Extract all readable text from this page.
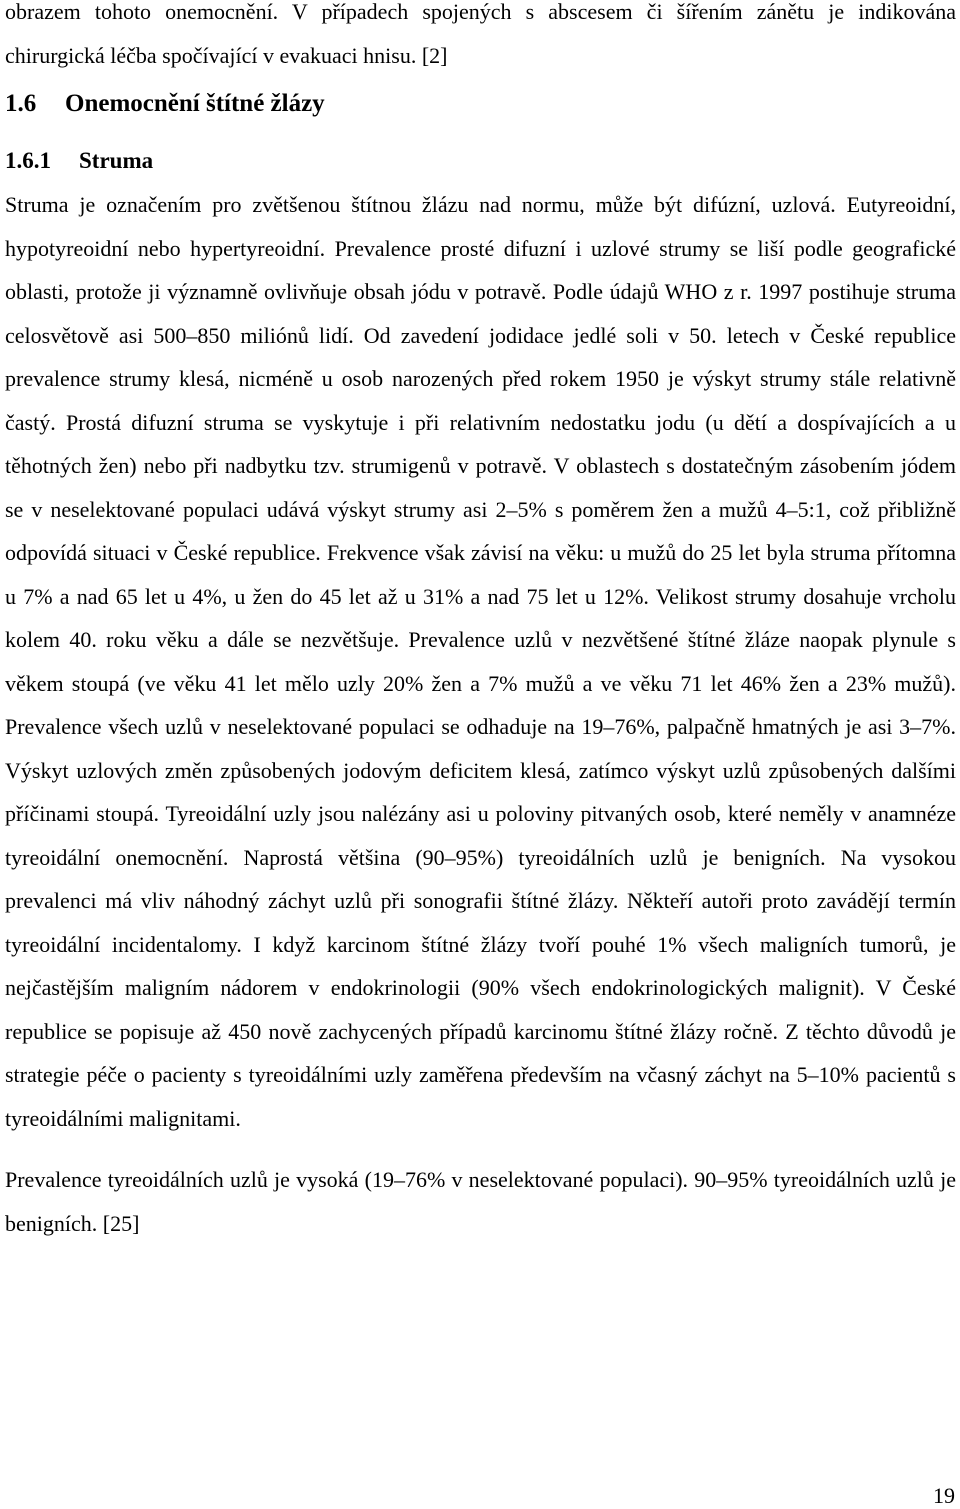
obrazem tohoto onemocnění. V případech spojených s abscesem či šířením zánětu je indikována chirurgická léčba spočívající v evakuaci hnisu. [2]

1.6 Onemocnění štítné žlázy
1.6.1 Struma

Struma je označením pro zvětšenou štítnou žlázu nad normu, může být difúzní, uzlová. Eutyreoidní, hypotyreoidní nebo hypertyreoidní. Prevalence prosté difuzní i uzlové strumy se liší podle geografické oblasti, protože ji významně ovlivňuje obsah jódu v potravě. Podle údajů WHO z r. 1997 postihuje struma celosvětově asi 500–850 miliónů lidí. Od zavedení jodidace jedlé soli v 50. letech v České republice prevalence strumy klesá, nicméně u osob narozených před rokem 1950 je výskyt strumy stále relativně častý. Prostá difuzní struma se vyskytuje i při relativním nedostatku jodu (u dětí a dospívajících a u těhotných žen) nebo při nadbytku tzv. strumigenů v potravě. V oblastech s dostatečným zásobením jódem se v neselektované populaci udává výskyt strumy asi 2–5% s poměrem žen a mužů 4–5:1, což přibližně odpovídá situaci v České republice. Frekvence však závisí na věku: u mužů do 25 let byla struma přítomna u 7% a nad 65 let u 4%, u žen do 45 let až u 31% a nad 75 let u 12%. Velikost strumy dosahuje vrcholu kolem 40. roku věku a dále se nezvětšuje. Prevalence uzlů v nezvětšené štítné žláze naopak plynule s věkem stoupá (ve věku 41 let mělo uzly 20% žen a 7% mužů a ve věku 71 let 46% žen a 23% mužů). Prevalence všech uzlů v neselektované populaci se odhaduje na 19–76%, palpačně hmatných je asi 3–7%. Výskyt uzlových změn způsobených jodovým deficitem klesá, zatímco výskyt uzlů způsobených dalšími příčinami stoupá. Tyreoidální uzly jsou nalézány asi u poloviny pitvaných osob, které neměly v anamnéze tyreoidální onemocnění. Naprostá většina (90–95%) tyreoidálních uzlů je benigních. Na vysokou prevalenci má vliv náhodný záchyt uzlů při sonografii štítné žlázy. Někteří autoři proto zavádějí termín tyreoidální incidentalomy. I když karcinom štítné žlázy tvoří pouhé 1% všech maligních tumorů, je nejčastějším maligním nádorem v endokrinologii (90% všech endokrinologických malignit). V České republice se popisuje až 450 nově zachycených případů karcinomu štítné žlázy ročně. Z těchto důvodů je strategie péče o pacienty s tyreoidálními uzly zaměřena především na včasný záchyt na 5–10% pacientů s tyreoidálními malignitami.

Prevalence tyreoidálních uzlů je vysoká (19–76% v neselektované populaci). 90–95% tyreoidálních uzlů je benigních. [25]

19
